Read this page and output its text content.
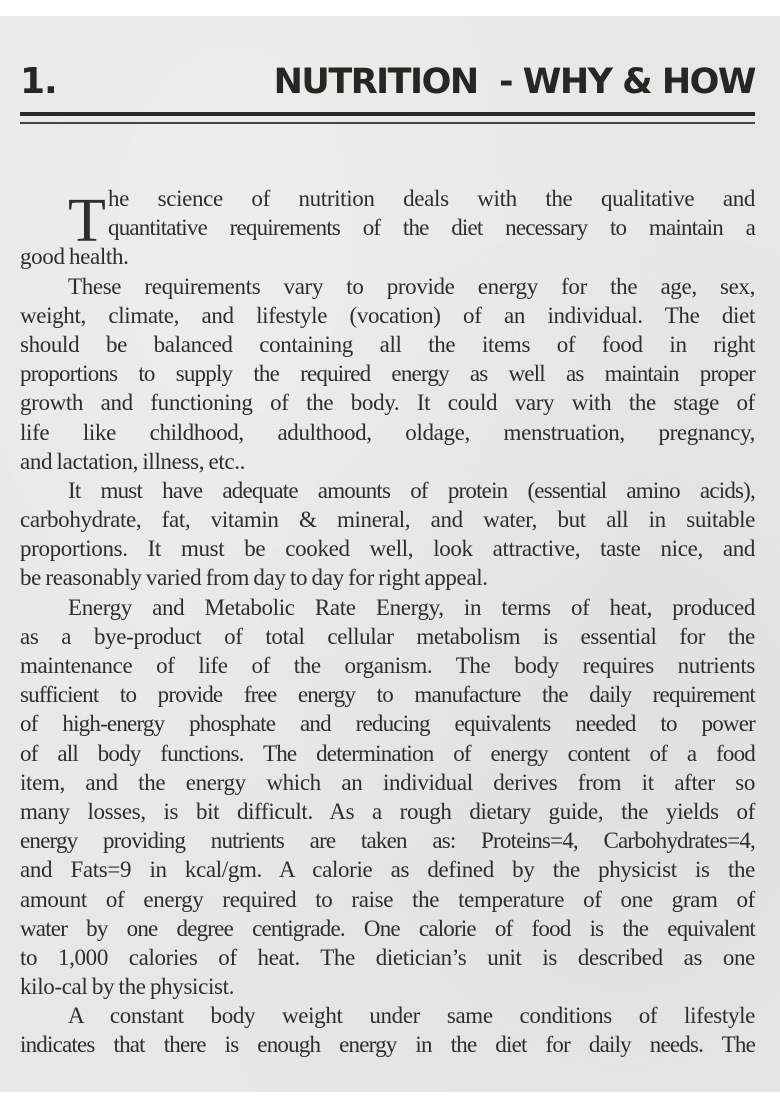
1.	NUTRITION  - WHY & HOW
T he science of nutrition deals with the qualitative and
quantitative requirements of the diet necessary to maintain a
good health.
These requirements vary to provide energy for the age, sex,
weight, climate, and lifestyle (vocation) of an individual. The diet
should be balanced containing all the items of food in right
proportions to supply the required energy as well as maintain proper
growth and functioning of the body. It could vary with the stage of
life like childhood, adulthood, oldage, menstruation, pregnancy,
and lactation, illness, etc..
It must have adequate amounts of protein (essential amino acids),
carbohydrate, fat, vitamin & mineral, and water, but all in suitable
proportions. It must be cooked well, look attractive, taste nice, and
be reasonably varied from day to day for right appeal.
Energy and Metabolic Rate Energy, in terms of heat, produced
as a bye-product of total cellular metabolism is essential for the
maintenance of life of the organism. The body requires nutrients
sufficient to provide free energy to manufacture the daily requirement
of high-energy phosphate and reducing equivalents needed to power
of all body functions. The determination of energy content of a food
item, and the energy which an individual derives from it after so
many losses, is bit difficult. As a rough dietary guide, the yields of
energy providing nutrients are taken as: Proteins=4, Carbohydrates=4,
and Fats=9 in kcal/gm. A calorie as defined by the physicist is the
amount of energy required to raise the temperature of one gram of
water by one degree centigrade. One calorie of food is the equivalent
to 1,000 calories of heat. The dietician’s unit is described as one
kilo-cal by the physicist.
A constant body weight under same conditions of lifestyle
indicates that there is enough energy in the diet for daily needs. The
